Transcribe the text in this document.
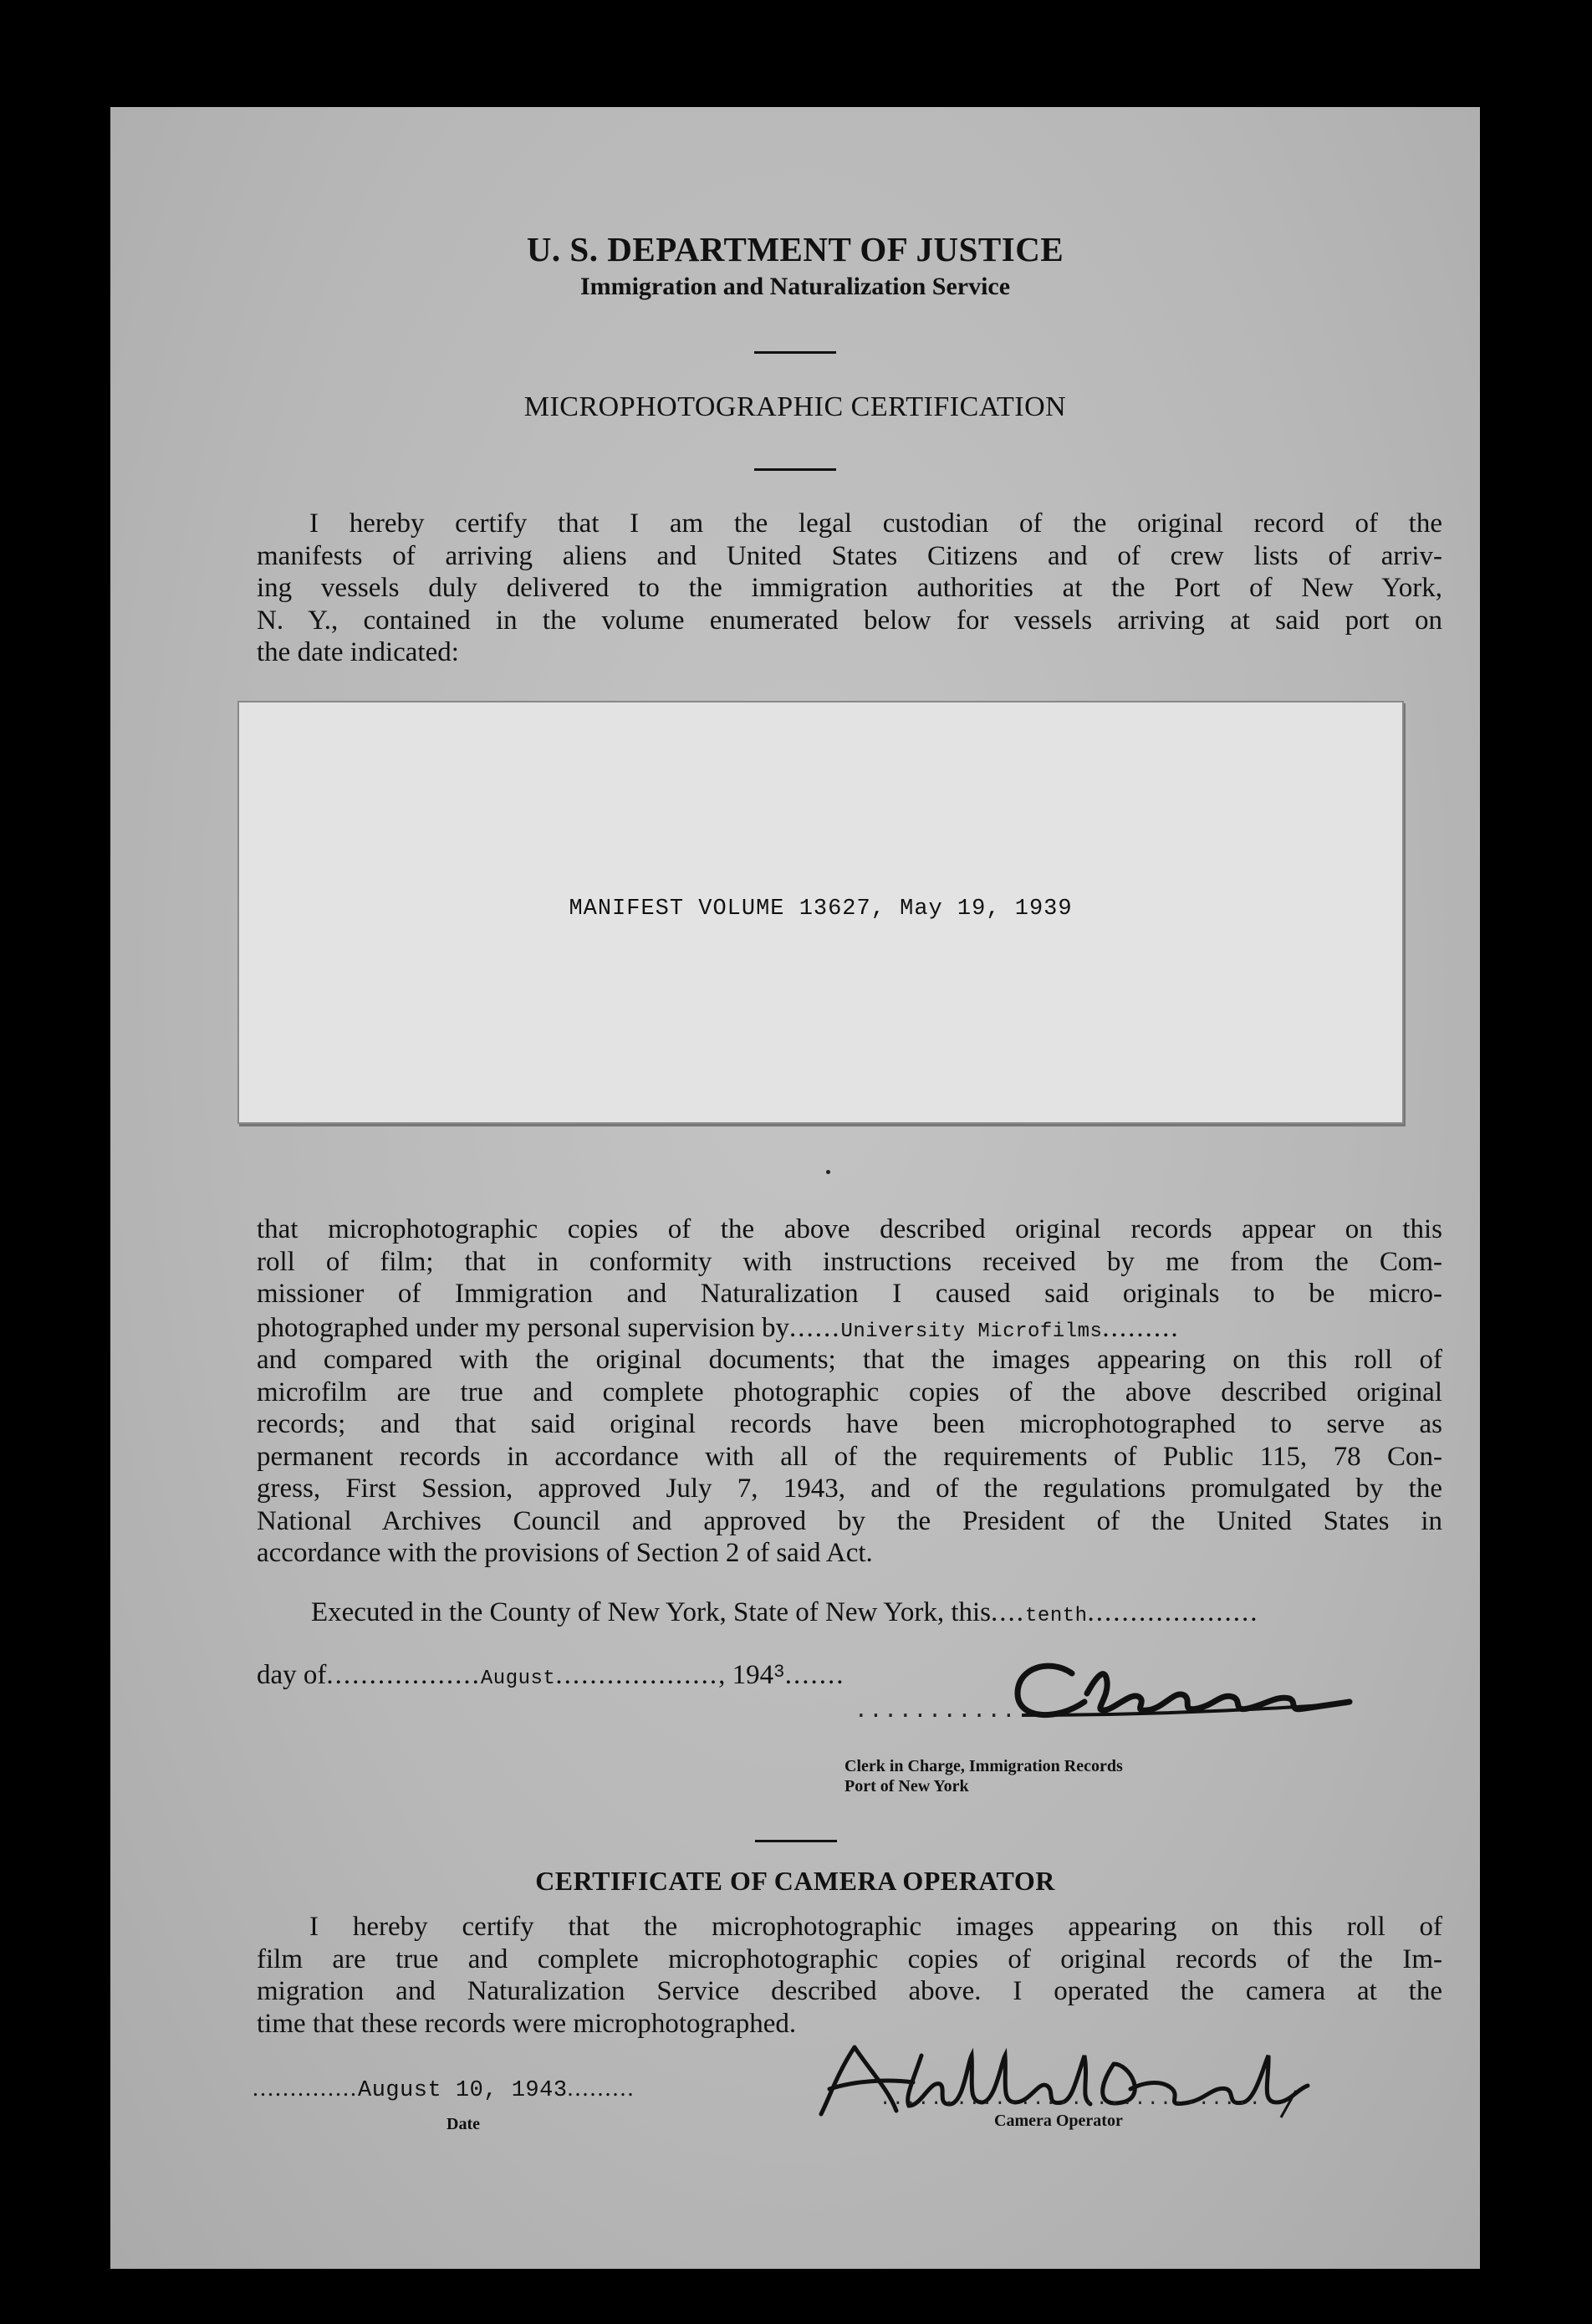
U. S. DEPARTMENT OF JUSTICE
Immigration and Naturalization Service
MICROPHOTOGRAPHIC CERTIFICATION
I hereby certify that I am the legal custodian of the original record of the
manifests of arriving aliens and United States Citizens and of crew lists of arriv-
ing vessels duly delivered to the immigration authorities at the Port of New York,
N. Y., contained in the volume enumerated below for vessels arriving at said port on
the date indicated:
MANIFEST VOLUME 13627, May 19, 1939
that microphotographic copies of the above described original records appear on this
roll of film; that in conformity with instructions received by me from the Com-
missioner of Immigration and Naturalization I caused said originals to be micro-
photographed under my personal supervision by......University Microfilms.........
and compared with the original documents; that the images appearing on this roll of
microfilm are true and complete photographic copies of the above described original
records; and that said original records have been microphotographed to serve as
permanent records in accordance with all of the requirements of Public 115, 78 Con-
gress, First Session, approved July 7, 1943, and of the regulations promulgated by the
National Archives Council and approved by the President of the United States in
accordance with the provisions of Section 2 of said Act.
Executed in the County of New York, State of New York, this....tenth....................
day of..................August..................., $194^3$.......
..............
Clerk in Charge, Immigration Records
Port of New York
CERTIFICATE OF CAMERA OPERATOR
I hereby certify that the microphotographic images appearing on this roll of
film are true and complete microphotographic copies of original records of the Im-
migration and Naturalization Service described above. I operated the camera at the
time that these records were microphotographed.
..............August 10, 1943.........
Date
..............................
Camera Operator
